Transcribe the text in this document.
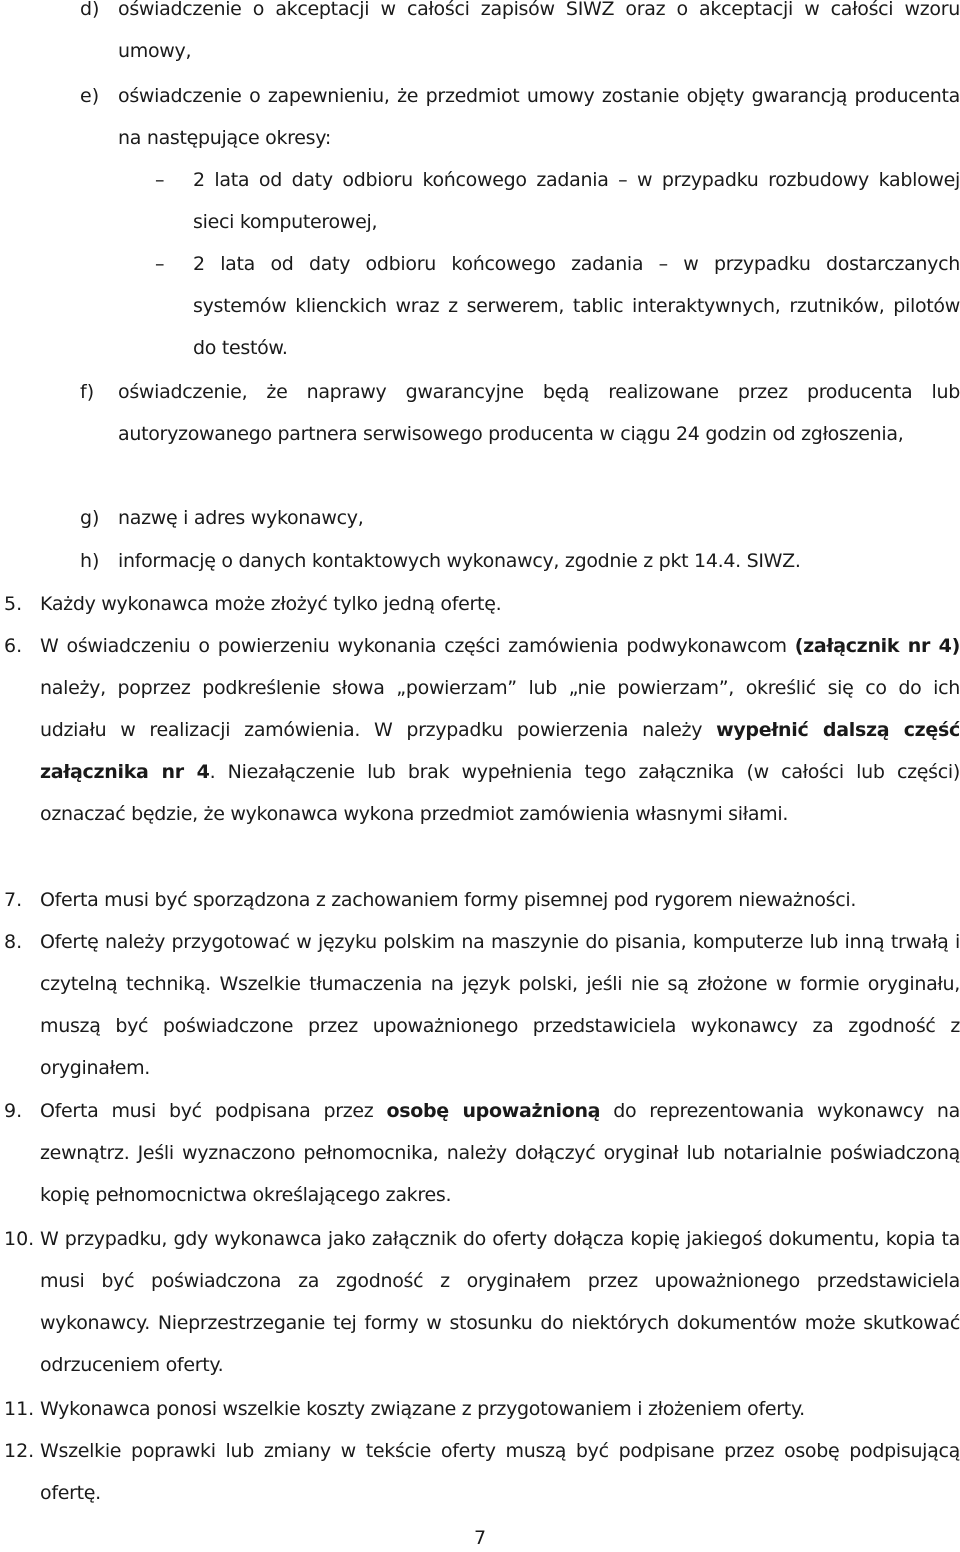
d) oświadczenie o akceptacji w całości zapisów SIWZ oraz o akceptacji w całości wzoru umowy,
e) oświadczenie o zapewnieniu, że przedmiot umowy zostanie objęty gwarancją producenta na następujące okresy:
–	2 lata od daty odbioru końcowego zadania – w przypadku rozbudowy kablowej sieci komputerowej,
–	2 lata od daty odbioru końcowego zadania – w przypadku dostarczanych systemów klienckich wraz z serwerem, tablic interaktywnych, rzutników, pilotów do testów.
f)	oświadczenie, że naprawy gwarancyjne będą realizowane przez producenta lub autoryzowanego partnera serwisowego producenta w ciągu 24 godzin od zgłoszenia,
g) nazwę i adres wykonawcy,
h) informację o danych kontaktowych wykonawcy, zgodnie z pkt 14.4. SIWZ.
5. Każdy wykonawca może złożyć tylko jedną ofertę.
6. W oświadczeniu o powierzeniu wykonania części zamówienia podwykonawcom (załącznik nr 4) należy, poprzez podkreślenie słowa „powierzam” lub „nie powierzam”, określić się co do ich udziału w realizacji zamówienia. W przypadku powierzenia należy wypełnić dalszą część załącznika nr 4. Niezałączenie lub brak wypełnienia tego załącznika (w całości lub części) oznaczać będzie, że wykonawca wykona przedmiot zamówienia własnymi siłami.
7. Oferta musi być sporządzona z zachowaniem formy pisemnej pod rygorem nieważności.
8. Ofertę należy przygotować w języku polskim na maszynie do pisania, komputerze lub inną trwałą i czytelną techniką. Wszelkie tłumaczenia na język polski, jeśli nie są złożone w formie oryginału, muszą być poświadczone przez upoważnionego przedstawiciela wykonawcy za zgodność z oryginałem.
9. Oferta musi być podpisana przez osobę upoważnioną do reprezentowania wykonawcy na zewnątrz. Jeśli wyznaczono pełnomocnika, należy dołączyć oryginał lub notarialnie poświadczoną kopię pełnomocnictwa określającego zakres.
10. W przypadku, gdy wykonawca jako załącznik do oferty dołącza kopię jakiegoś dokumentu, kopia ta musi być poświadczona za zgodność z oryginałem przez upoważnionego przedstawiciela wykonawcy. Nieprzestrzeganie tej formy w stosunku do niektórych dokumentów może skutkować odrzuceniem oferty.
11. Wykonawca ponosi wszelkie koszty związane z przygotowaniem i złożeniem oferty.
12. Wszelkie poprawki lub zmiany w tekście oferty muszą być podpisane przez osobę podpisującą ofertę.
7
